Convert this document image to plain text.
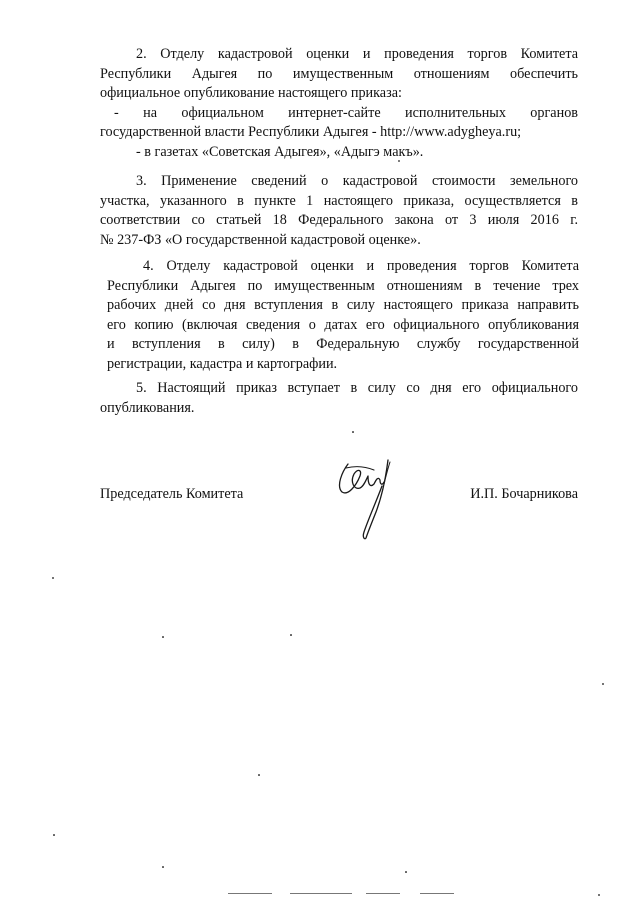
2. Отделу кадастровой оценки и проведения торгов Комитета
Республики Адыгея по имущественным отношениям обеспечить
официальное опубликование настоящего приказа:
- на официальном интернет-сайте исполнительных органов
государственной власти Республики Адыгея - http://www.adygheya.ru;
- в газетах «Советская Адыгея», «Адыгэ макъ».
3. Применение сведений о кадастровой стоимости земельного
участка, указанного в пункте 1 настоящего приказа, осуществляется в
соответствии со статьей 18 Федерального закона от 3 июля 2016 г.
№ 237-ФЗ «О государственной кадастровой оценке».
4. Отделу кадастровой оценки и проведения торгов Комитета
Республики Адыгея по имущественным отношениям в течение трех
рабочих дней со дня вступления в силу настоящего приказа направить
его копию (включая сведения о датах его официального опубликования
и вступления в силу) в Федеральную службу государственной
регистрации, кадастра и картографии.
5. Настоящий приказ вступает в силу со дня его официального
опубликования.
Председатель Комитета	И.П. Бочарникова
